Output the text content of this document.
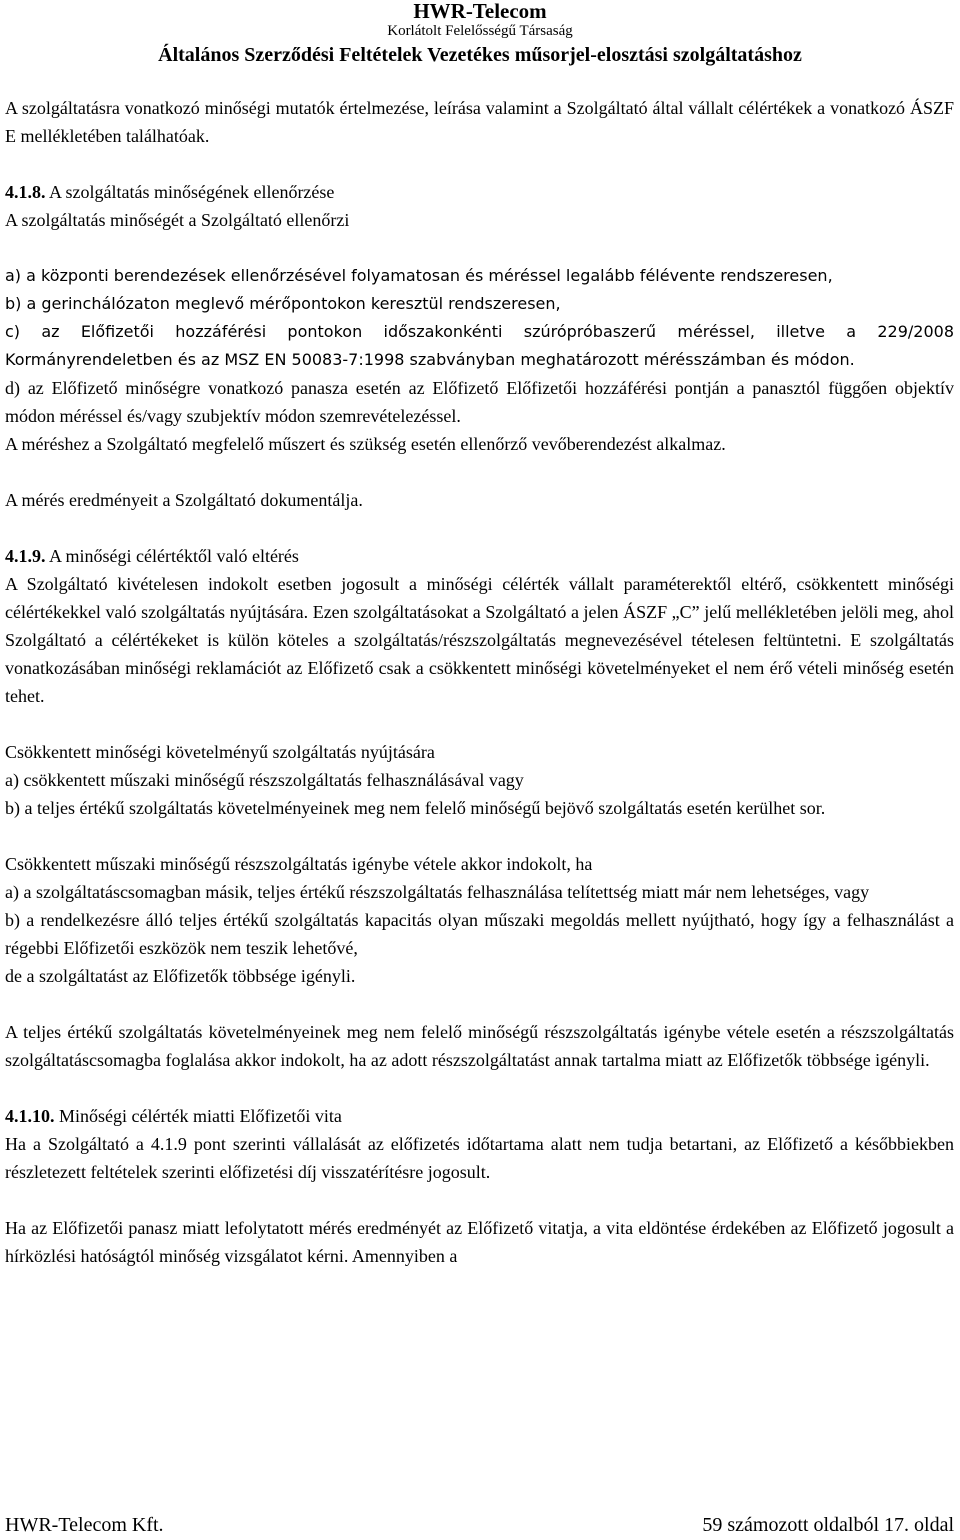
HWR-Telecom
Korlátolt Felelősségű Társaság
Általános Szerződési Feltételek Vezetékes műsorjel-elosztási szolgáltatáshoz

A szolgáltatásra vonatkozó minőségi mutatók értelmezése, leírása valamint a Szolgáltató által vállalt célértékek a vonatkozó ÁSZF E mellékletében találhatóak.

4.1.8. A szolgáltatás minőségének ellenőrzése

A szolgáltatás minőségét a Szolgáltató ellenőrzi

a) a központi berendezések ellenőrzésével folyamatosan és méréssel legalább félévente rendszeresen,

b) a gerinchálózaton meglevő mérőpontokon keresztül rendszeresen,

c) az Előfizetői hozzáférési pontokon időszakonkénti szúrópróbaszerű méréssel, illetve a 229/2008 Kormányrendeletben és az MSZ EN 50083-7:1998 szabványban meghatározott mérésszámban és módon.

d) az Előfizető minőségre vonatkozó panasza esetén az Előfizető Előfizetői hozzáférési pontján a panasztól függően objektív módon méréssel és/vagy szubjektív módon szemrevételezéssel.

A méréshez a Szolgáltató megfelelő műszert és szükség esetén ellenőrző vevőberendezést alkalmaz.

A mérés eredményeit a Szolgáltató dokumentálja.

4.1.9. A minőségi célértéktől való eltérés

A Szolgáltató kivételesen indokolt esetben jogosult a minőségi célérték vállalt paraméterektől eltérő, csökkentett minőségi célértékekkel való szolgáltatás nyújtására. Ezen szolgáltatásokat a Szolgáltató a jelen ÁSZF „C” jelű mellékletében jelöli meg, ahol Szolgáltató a célértékeket is külön köteles a szolgáltatás/részszolgáltatás megnevezésével tételesen feltüntetni. E szolgáltatás vonatkozásában minőségi reklamációt az Előfizető csak a csökkentett minőségi követelményeket el nem érő vételi minőség esetén tehet.

Csökkentett minőségi követelményű szolgáltatás nyújtására

a) csökkentett műszaki minőségű részszolgáltatás felhasználásával vagy

b) a teljes értékű szolgáltatás követelményeinek meg nem felelő minőségű bejövő szolgáltatás esetén kerülhet sor.

Csökkentett műszaki minőségű részszolgáltatás igénybe vétele akkor indokolt, ha

a) a szolgáltatáscsomagban másik, teljes értékű részszolgáltatás felhasználása telítettség miatt már nem lehetséges, vagy

b) a rendelkezésre álló teljes értékű szolgáltatás kapacitás olyan műszaki megoldás mellett nyújtható, hogy így a felhasználást a régebbi Előfizetői eszközök nem teszik lehetővé,

de a szolgáltatást az Előfizetők többsége igényli.

A teljes értékű szolgáltatás követelményeinek meg nem felelő minőségű részszolgáltatás igénybe vétele esetén a részszolgáltatás szolgáltatáscsomagba foglalása akkor indokolt, ha az adott részszolgáltatást annak tartalma miatt az Előfizetők többsége igényli.

4.1.10. Minőségi célérték miatti Előfizetői vita

Ha a Szolgáltató a 4.1.9 pont szerinti vállalását az előfizetés időtartama alatt nem tudja betartani, az Előfizető a későbbiekben részletezett feltételek szerinti előfizetési díj visszatérítésre jogosult.

Ha az Előfizetői panasz miatt lefolytatott mérés eredményét az Előfizető vitatja, a vita eldöntése érdekében az Előfizető jogosult a hírközlési hatóságtól minőség vizsgálatot kérni. Amennyiben a

HWR-Telecom Kft.	59 számozott oldalból 17. oldal
